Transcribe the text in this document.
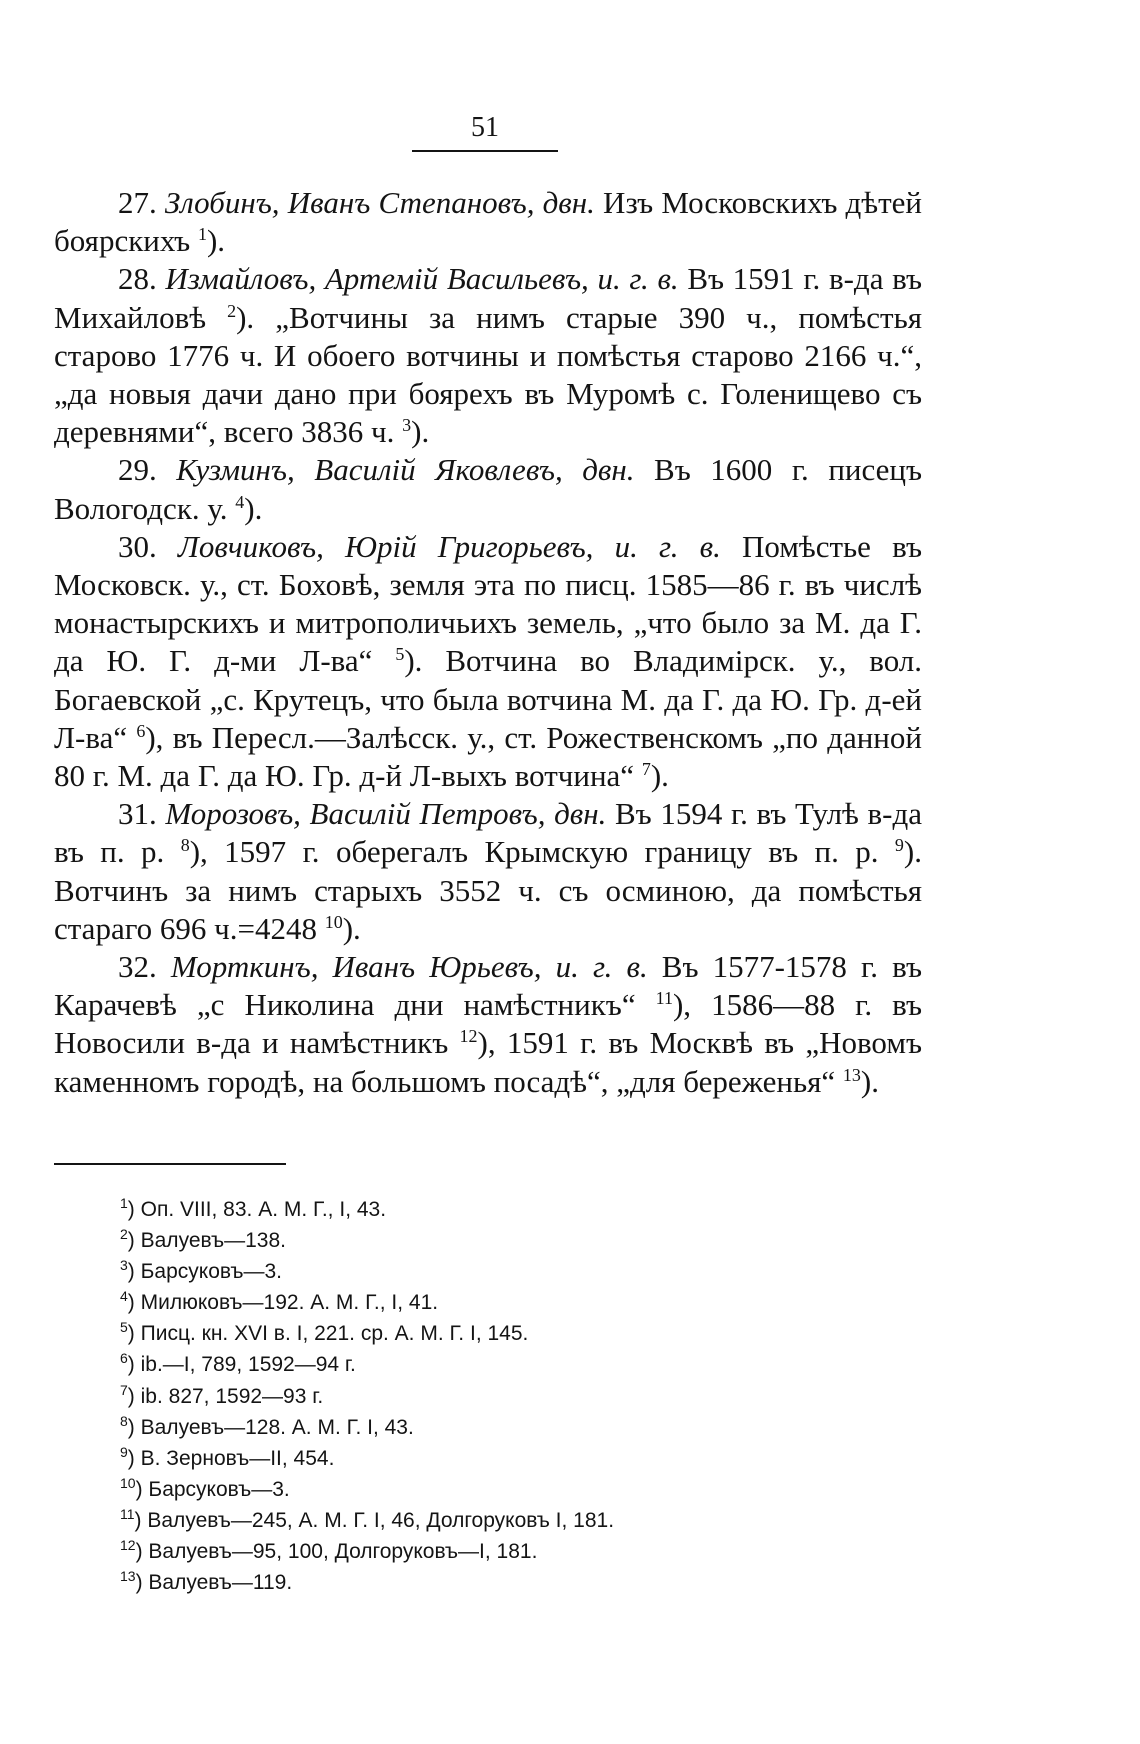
51

27. Злобинъ, Иванъ Степановъ, двн. Изъ Московскихъ дѣтей боярскихъ $^1$).

28. Измайловъ, Артемiй Васильевъ, и. г. в. Въ 1591 г. в-да въ Михайловѣ $^2$). „Вотчины за нимъ старые 390 ч., помѣстья старово 1776 ч. И обоего вотчины и помѣстья старово 2166 ч.“, „да новыя дачи дано при боярехъ въ Муромѣ с. Голенищево съ деревнями“, всего 3836 ч. $^3$).

29. Кузминъ, Василiй Яковлевъ, двн. Въ 1600 г. писецъ Вологодск. у. $^4$).

30. Ловчиковъ, Юрiй Григорьевъ, и. г. в. Помѣстье въ Московск. у., ст. Боховѣ, земля эта по писц. 1585—86 г. въ числѣ монастырскихъ и митрополичьихъ земель, „что было за М. да Г. да Ю. Г. д-ми Л-ва“ $^5$). Вотчина во Владимiрск. у., вол. Богаевской „с. Крутецъ, что была вотчина М. да Г. да Ю. Гр. д-ей Л-ва“ $^6$), въ Пересл.—Залѣсск. у., ст. Рожественскомъ „по данной 80 г. М. да Г. да Ю. Гр. д-й Л-выхъ вотчина“ $^7$).

31. Морозовъ, Василiй Петровъ, двн. Въ 1594 г. въ Тулѣ в-да въ п. р. $^8$), 1597 г. оберегалъ Крымскую границу въ п. р. $^9$). Вотчинъ за нимъ старыхъ 3552 ч. съ осминою, да помѣстья стараго 696 ч.=4248 $^{10}$).

32. Морткинъ, Иванъ Юрьевъ, и. г. в. Въ 1577-1578 г. въ Карачевѣ „с Николина дни намѣстникъ“ $^{11}$), 1586—88 г. въ Новосили в-да и намѣстникъ $^{12}$), 1591 г. въ Москвѣ въ „Новомъ каменномъ городѣ, на большомъ посадѣ“, „для береженья“ $^{13}$).

$^1$) Оп. VIII, 83. А. М. Г., I, 43.
$^2$) Валуевъ—138.
$^3$) Барсуковъ—3.
$^4$) Милюковъ—192. А. М. Г., I, 41.
$^5$) Писц. кн. XVI в. I, 221. ср. А. М. Г. I, 145.
$^6$) ib.—I, 789, 1592—94 г.
$^7$) ib. 827, 1592—93 г.
$^8$) Валуевъ—128. А. М. Г. I, 43.
$^9$) В. Зерновъ—II, 454.
$^{10}$) Барсуковъ—3.
$^{11}$) Валуевъ—245, А. М. Г. I, 46, Долгоруковъ I, 181.
$^{12}$) Валуевъ—95, 100, Долгоруковъ—I, 181.
$^{13}$) Валуевъ—119.
